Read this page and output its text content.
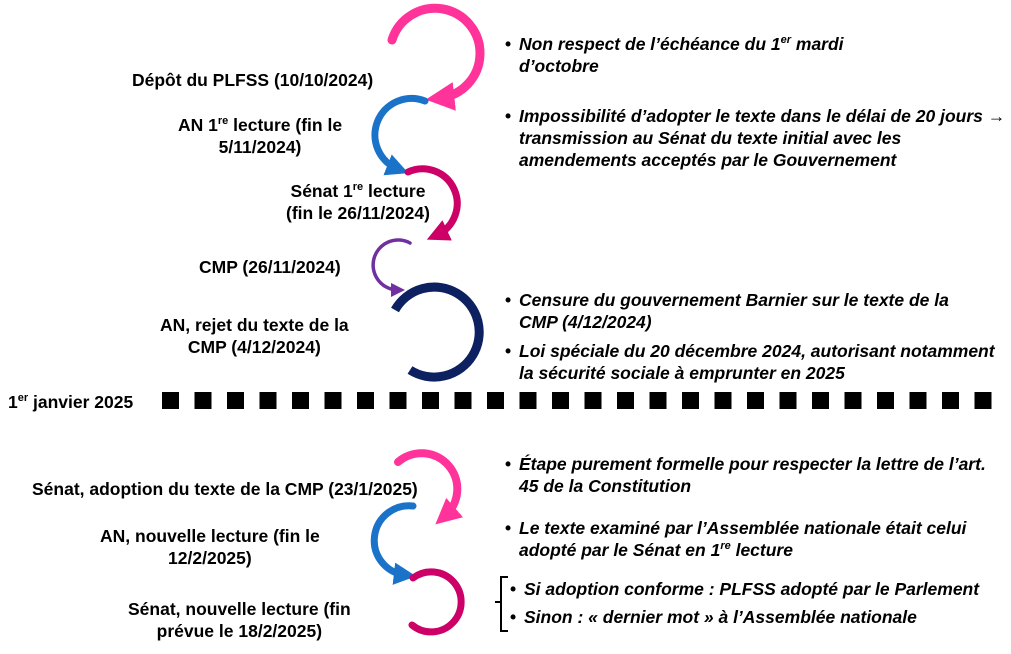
Dépôt du PLFSS (10/10/2024)
AN 1re lecture (fin le
5/11/2024)
Sénat 1re lecture
(fin le 26/11/2024)
CMP (26/11/2024)
AN, rejet du texte de la
CMP (4/12/2024)
1er janvier 2025
Sénat, adoption du texte de la CMP (23/1/2025)
AN, nouvelle lecture (fin le
12/2/2025)
Sénat, nouvelle lecture (fin
prévue le 18/2/2025)
• Non respect de l’échéance du 1er mardi d’octobre
• Impossibilité d’adopter le texte dans le délai de 20 jours → transmission au Sénat du texte initial avec les amendements acceptés par le Gouvernement
• Censure du gouvernement Barnier sur le texte de la CMP (4/12/2024)
• Loi spéciale du 20 décembre 2024, autorisant notamment la sécurité sociale à emprunter en 2025
• Étape purement formelle pour respecter la lettre de l’art. 45 de la Constitution
• Le texte examiné par l’Assemblée nationale était celui adopté par le Sénat en 1re lecture
• Si adoption conforme : PLFSS adopté par le Parlement
• Sinon : « dernier mot » à l’Assemblée nationale
